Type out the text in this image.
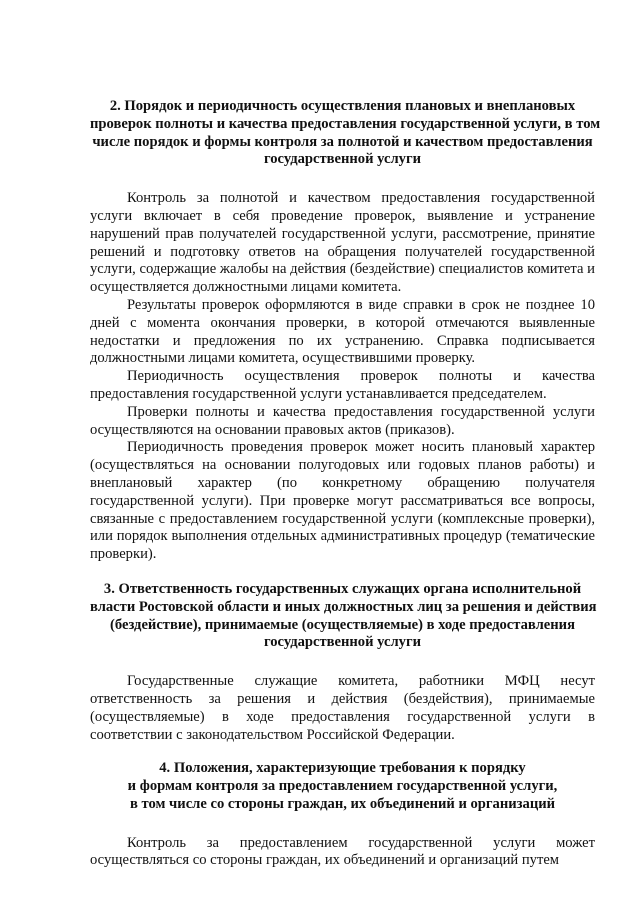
2. Порядок и периодичность осуществления плановых и внеплановых
проверок полноты и качества предоставления государственной услуги, в том
числе порядок и формы контроля за полнотой и качеством предоставления
государственной услуги

Контроль за полнотой и качеством предоставления государственной услуги включает в себя проведение проверок, выявление и устранение нарушений прав получателей государственной услуги, рассмотрение, принятие решений и подготовку ответов на обращения получателей государственной услуги, содержащие жалобы на действия (бездействие) специалистов комитета и осуществляется должностными лицами комитета.

Результаты проверок оформляются в виде справки в срок не позднее 10 дней с момента окончания проверки, в которой отмечаются выявленные недостатки и предложения по их устранению. Справка подписывается должностными лицами комитета, осуществившими проверку.

Периодичность осуществления проверок полноты и качества предоставления государственной услуги устанавливается председателем.

Проверки полноты и качества предоставления государственной услуги осуществляются на основании правовых актов (приказов).

Периодичность проведения проверок может носить плановый характер (осуществляться на основании полугодовых или годовых планов работы) и внеплановый характер (по конкретному обращению получателя государственной услуги). При проверке могут рассматриваться все вопросы, связанные с предоставлением государственной услуги (комплексные проверки), или порядок выполнения отдельных административных процедур (тематические проверки).

3. Ответственность государственных служащих органа исполнительной
власти Ростовской области и иных должностных лиц за решения и действия
(бездействие), принимаемые (осуществляемые) в ходе предоставления
государственной услуги

Государственные служащие комитета, работники МФЦ несут ответственность за решения и действия (бездействия), принимаемые (осуществляемые) в ходе предоставления государственной услуги в соответствии с законодательством Российской Федерации.

4. Положения, характеризующие требования к порядку
и формам контроля за предоставлением государственной услуги,
в том числе со стороны граждан, их объединений и организаций

Контроль за предоставлением государственной услуги может осуществляться со стороны граждан, их объединений и организаций путем
